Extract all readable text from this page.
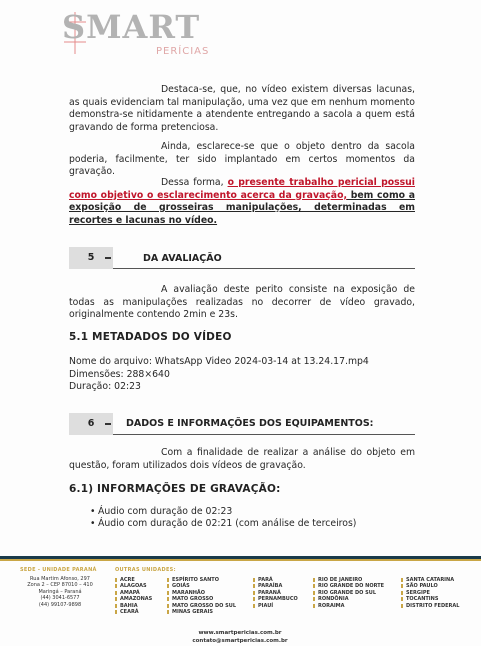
SMART
PERÍCIAS

Destaca-se, que, no vídeo existem diversas lacunas, as quais evidenciam tal manipulação, uma vez que em nenhum momento demonstra-se nitidamente a atendente entregando a sacola a quem está gravando de forma pretenciosa.

Ainda, esclarece-se que o objeto dentro da sacola poderia, facilmente, ter sido implantado em certos momentos da gravação.

Dessa forma, o presente trabalho pericial possui como objetivo o esclarecimento acerca da gravação, bem como a exposição de grosseiras manipulações, determinadas em recortes e lacunas no vídeo.

5	DA AVALIAÇÃO

A avaliação deste perito consiste na exposição de todas as manipulações realizadas no decorrer de vídeo gravado, originalmente contendo 2min e 23s.

5.1 METADADOS DO VÍDEO
Nome do arquivo: WhatsApp Video 2024-03-14 at 13.24.17.mp4
Dimensões: 288×640
Duração: 02:23
6	DADOS E INFORMAÇÕES DOS EQUIPAMENTOS:

Com a finalidade de realizar a análise do objeto em questão, foram utilizados dois vídeos de gravação.

6.1) INFORMAÇÕES DE GRAVAÇÃO:
• Áudio com duração de 02:23
• Áudio com duração de 02:21 (com análise de terceiros)
SEDE - UNIDADE PARANÁ
Rua Martim Afonso, 297
Zona 2 – CEP 87010 – 410
Maringá – Paraná
(44) 3041-6577
(44) 99107-9898
OUTRAS UNIDADES:
ACRE
ALAGOAS
AMAPÁ
AMAZONAS
BAHIA
CEARÁ
ESPÍRITO SANTO
GOIÁS
MARANHÃO
MATO GROSSO
MATO GROSSO DO SUL
MINAS GERAIS
PARÁ
PARAÍBA
PARANÁ
PERNAMBUCO
PIAUÍ
RIO DE JANEIRO
RIO GRANDE DO NORTE
RIO GRANDE DO SUL
RONDÔNIA
RORAIMA
SANTA CATARINA
SÃO PAULO
SERGIPE
TOCANTINS
DISTRITO FEDERAL
www.smartpericias.com.br
contato@smartpericias.com.br
